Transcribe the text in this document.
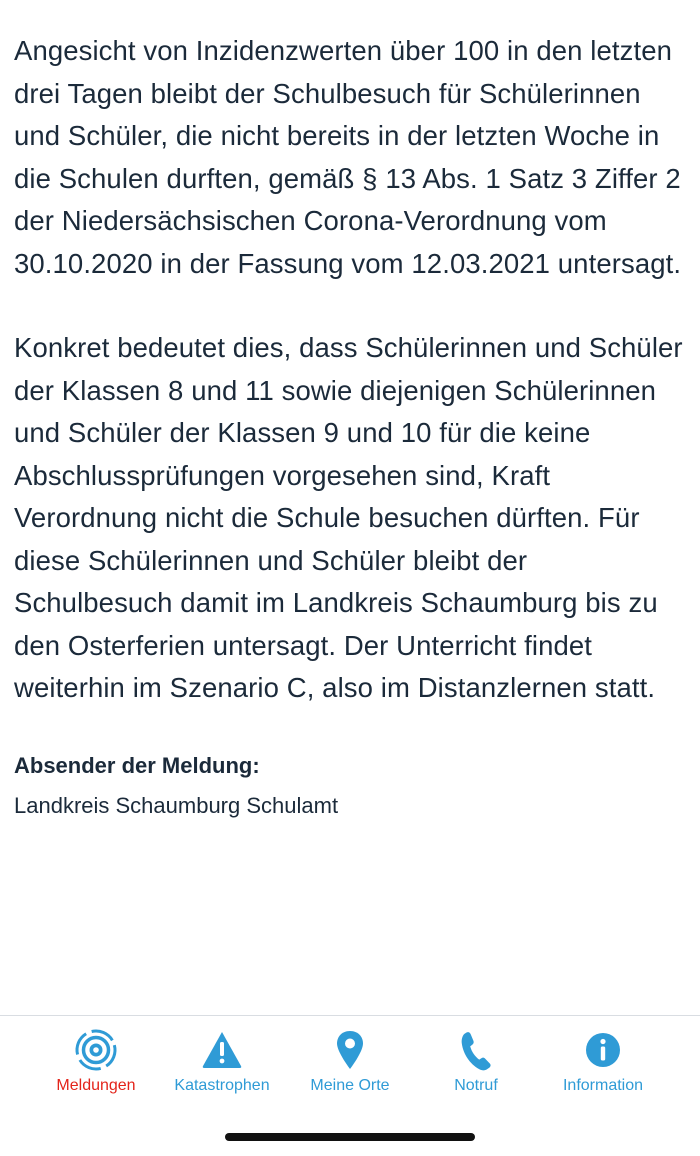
Angesicht von Inzidenzwerten über 100 in den letzten drei Tagen bleibt der Schulbesuch für Schülerinnen und Schüler, die nicht bereits in der letzten Woche in die Schulen durften, gemäß § 13 Abs. 1 Satz 3 Ziffer 2 der Niedersächsischen Corona-Verordnung vom 30.10.2020 in der Fassung vom 12.03.2021 untersagt.

Konkret bedeutet dies, dass Schülerinnen und Schüler der Klassen 8 und 11 sowie diejenigen Schülerinnen und Schüler der Klassen 9 und 10 für die keine Abschlussprüfungen vorgesehen sind, Kraft Verordnung nicht die Schule besuchen dürften. Für diese Schülerinnen und Schüler bleibt der Schulbesuch damit im Landkreis Schaumburg bis zu den Osterferien untersagt. Der Unterricht findet weiterhin im Szenario C, also im Distanzlernen statt.

Absender der Meldung:
Landkreis Schaumburg Schulamt
Meldungen Katastrophen	Meine Orte	Notruf	Information
